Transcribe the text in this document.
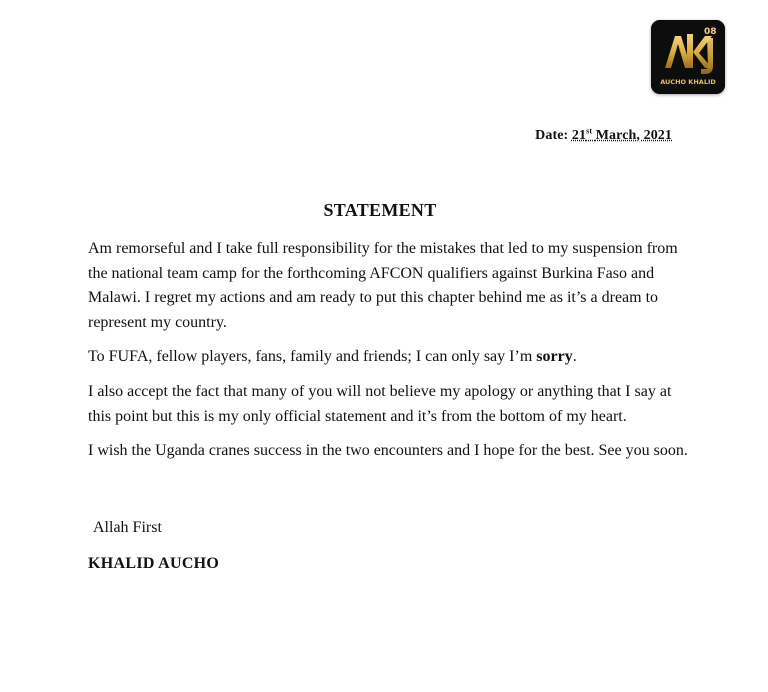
08
AUCHO KHALID
AKJ
Date: 21st March, 2021
STATEMENT

Am remorseful and I take full responsibility for the mistakes that led to my suspension from the national team camp for the forthcoming AFCON qualifiers against Burkina Faso and Malawi. I regret my actions and am ready to put this chapter behind me as it’s a dream to represent my country.

To FUFA, fellow players, fans, family and friends; I can only say I’m sorry.

I also accept the fact that many of you will not believe my apology or anything that I say at this point but this is my only official statement and it’s from the bottom of my heart.

I wish the Uganda cranes success in the two encounters and I hope for the best. See you soon.

Allah First
KHALID AUCHO
